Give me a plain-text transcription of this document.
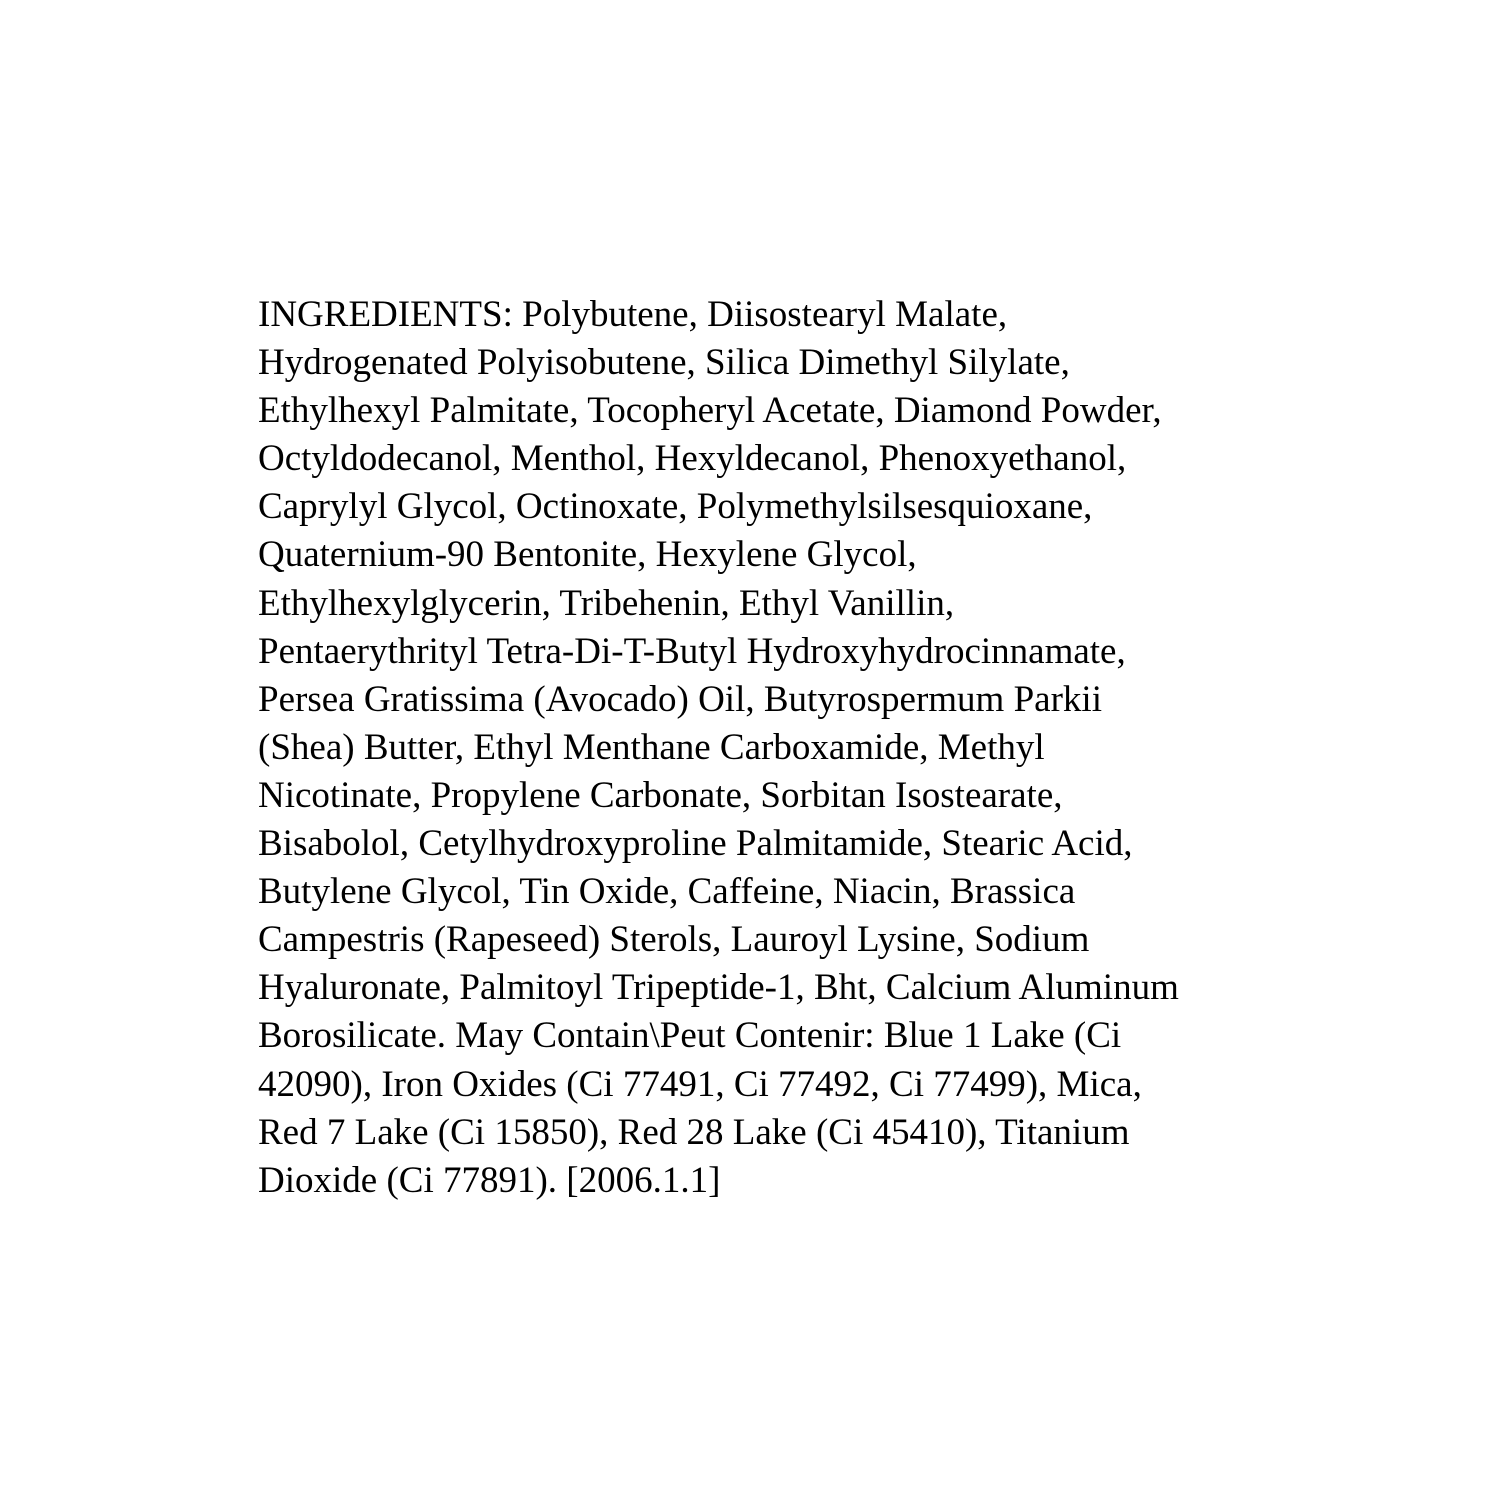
INGREDIENTS: Polybutene, Diisostearyl Malate,
Hydrogenated Polyisobutene, Silica Dimethyl Silylate,
Ethylhexyl Palmitate, Tocopheryl Acetate, Diamond Powder,
Octyldodecanol, Menthol, Hexyldecanol, Phenoxyethanol,
Caprylyl Glycol, Octinoxate, Polymethylsilsesquioxane,
Quaternium-90 Bentonite, Hexylene Glycol,
Ethylhexylglycerin, Tribehenin, Ethyl Vanillin,
Pentaerythrityl Tetra-Di-T-Butyl Hydroxyhydrocinnamate,
Persea Gratissima (Avocado) Oil, Butyrospermum Parkii
(Shea) Butter, Ethyl Menthane Carboxamide, Methyl
Nicotinate, Propylene Carbonate, Sorbitan Isostearate,
Bisabolol, Cetylhydroxyproline Palmitamide, Stearic Acid,
Butylene Glycol, Tin Oxide, Caffeine, Niacin, Brassica
Campestris (Rapeseed) Sterols, Lauroyl Lysine, Sodium
Hyaluronate, Palmitoyl Tripeptide-1, Bht, Calcium Aluminum
Borosilicate. May Contain\Peut Contenir: Blue 1 Lake (Ci
42090), Iron Oxides (Ci 77491, Ci 77492, Ci 77499), Mica,
Red 7 Lake (Ci 15850), Red 28 Lake (Ci 45410), Titanium
Dioxide (Ci 77891). [2006.1.1]
